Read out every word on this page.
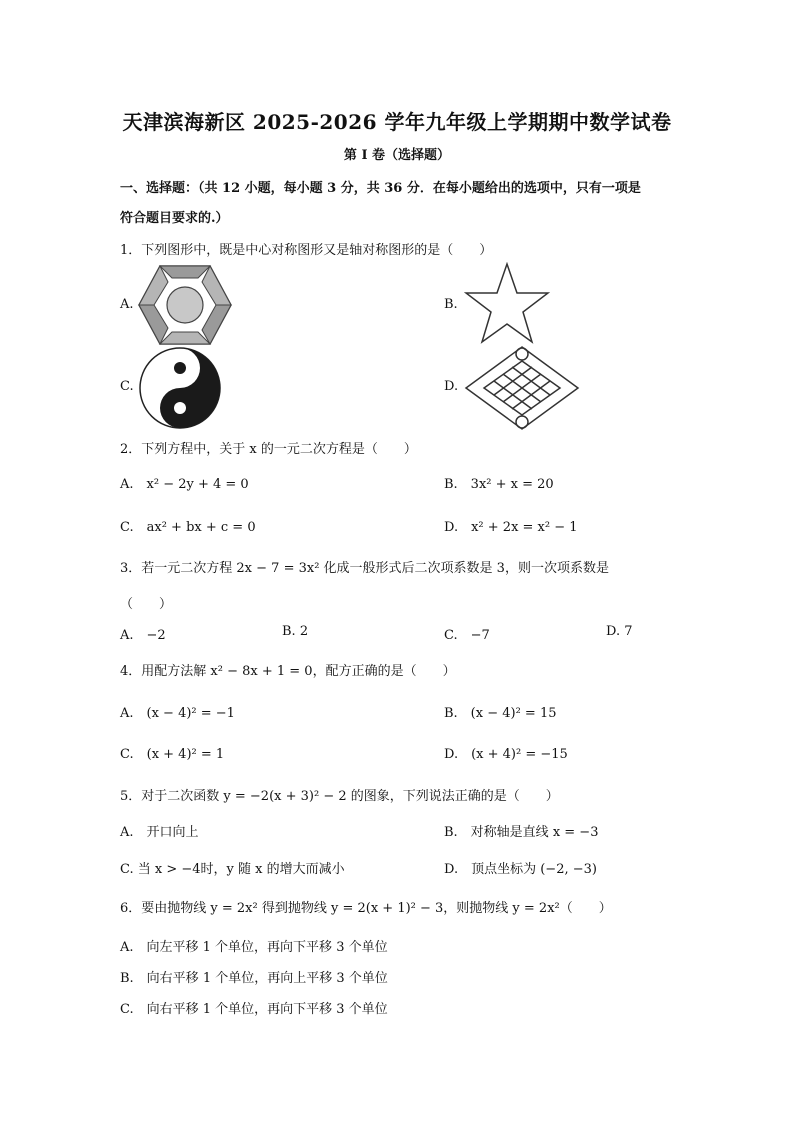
天津滨海新区 2025-2026 学年九年级上学期期中数学试卷
第 I 卷（选择题）
一、选择题：（共 12 小题，每小题 3 分，共 36 分．在每小题给出的选项中，只有一项是
符合题目要求的.）
1．下列图形中，既是中心对称图形又是轴对称图形的是（　　）
A.	B.
C.	D.
2．下列方程中，关于 x 的一元二次方程是（　　）
A.　x² − 2y + 4 = 0	B.　3x² + x = 20
C.　ax² + bx + c = 0	D.　x² + 2x = x² − 1
3．若一元二次方程 2x − 7 = 3x² 化成一般形式后二次项系数是 3，则一次项系数是
（　　）
A.　−2	B. 2	C.　−7	D. 7
4．用配方法解 x² − 8x + 1 = 0，配方正确的是（　　）
A.　(x − 4)² = −1	B.　(x − 4)² = 15
C.　(x + 4)² = 1	D.　(x + 4)² = −15
5．对于二次函数 y = −2(x + 3)² − 2 的图象，下列说法正确的是（　　）
A.　开口向上	B.　对称轴是直线 x = −3
C. 当 x > −4时，y 随 x 的增大而减小	D.　顶点坐标为 (−2, −3)
6．要由抛物线 y = 2x² 得到抛物线 y = 2(x + 1)² − 3，则抛物线 y = 2x²（　　）
A.　向左平移 1 个单位，再向下平移 3 个单位
B.　向右平移 1 个单位，再向上平移 3 个单位
C.　向右平移 1 个单位，再向下平移 3 个单位
